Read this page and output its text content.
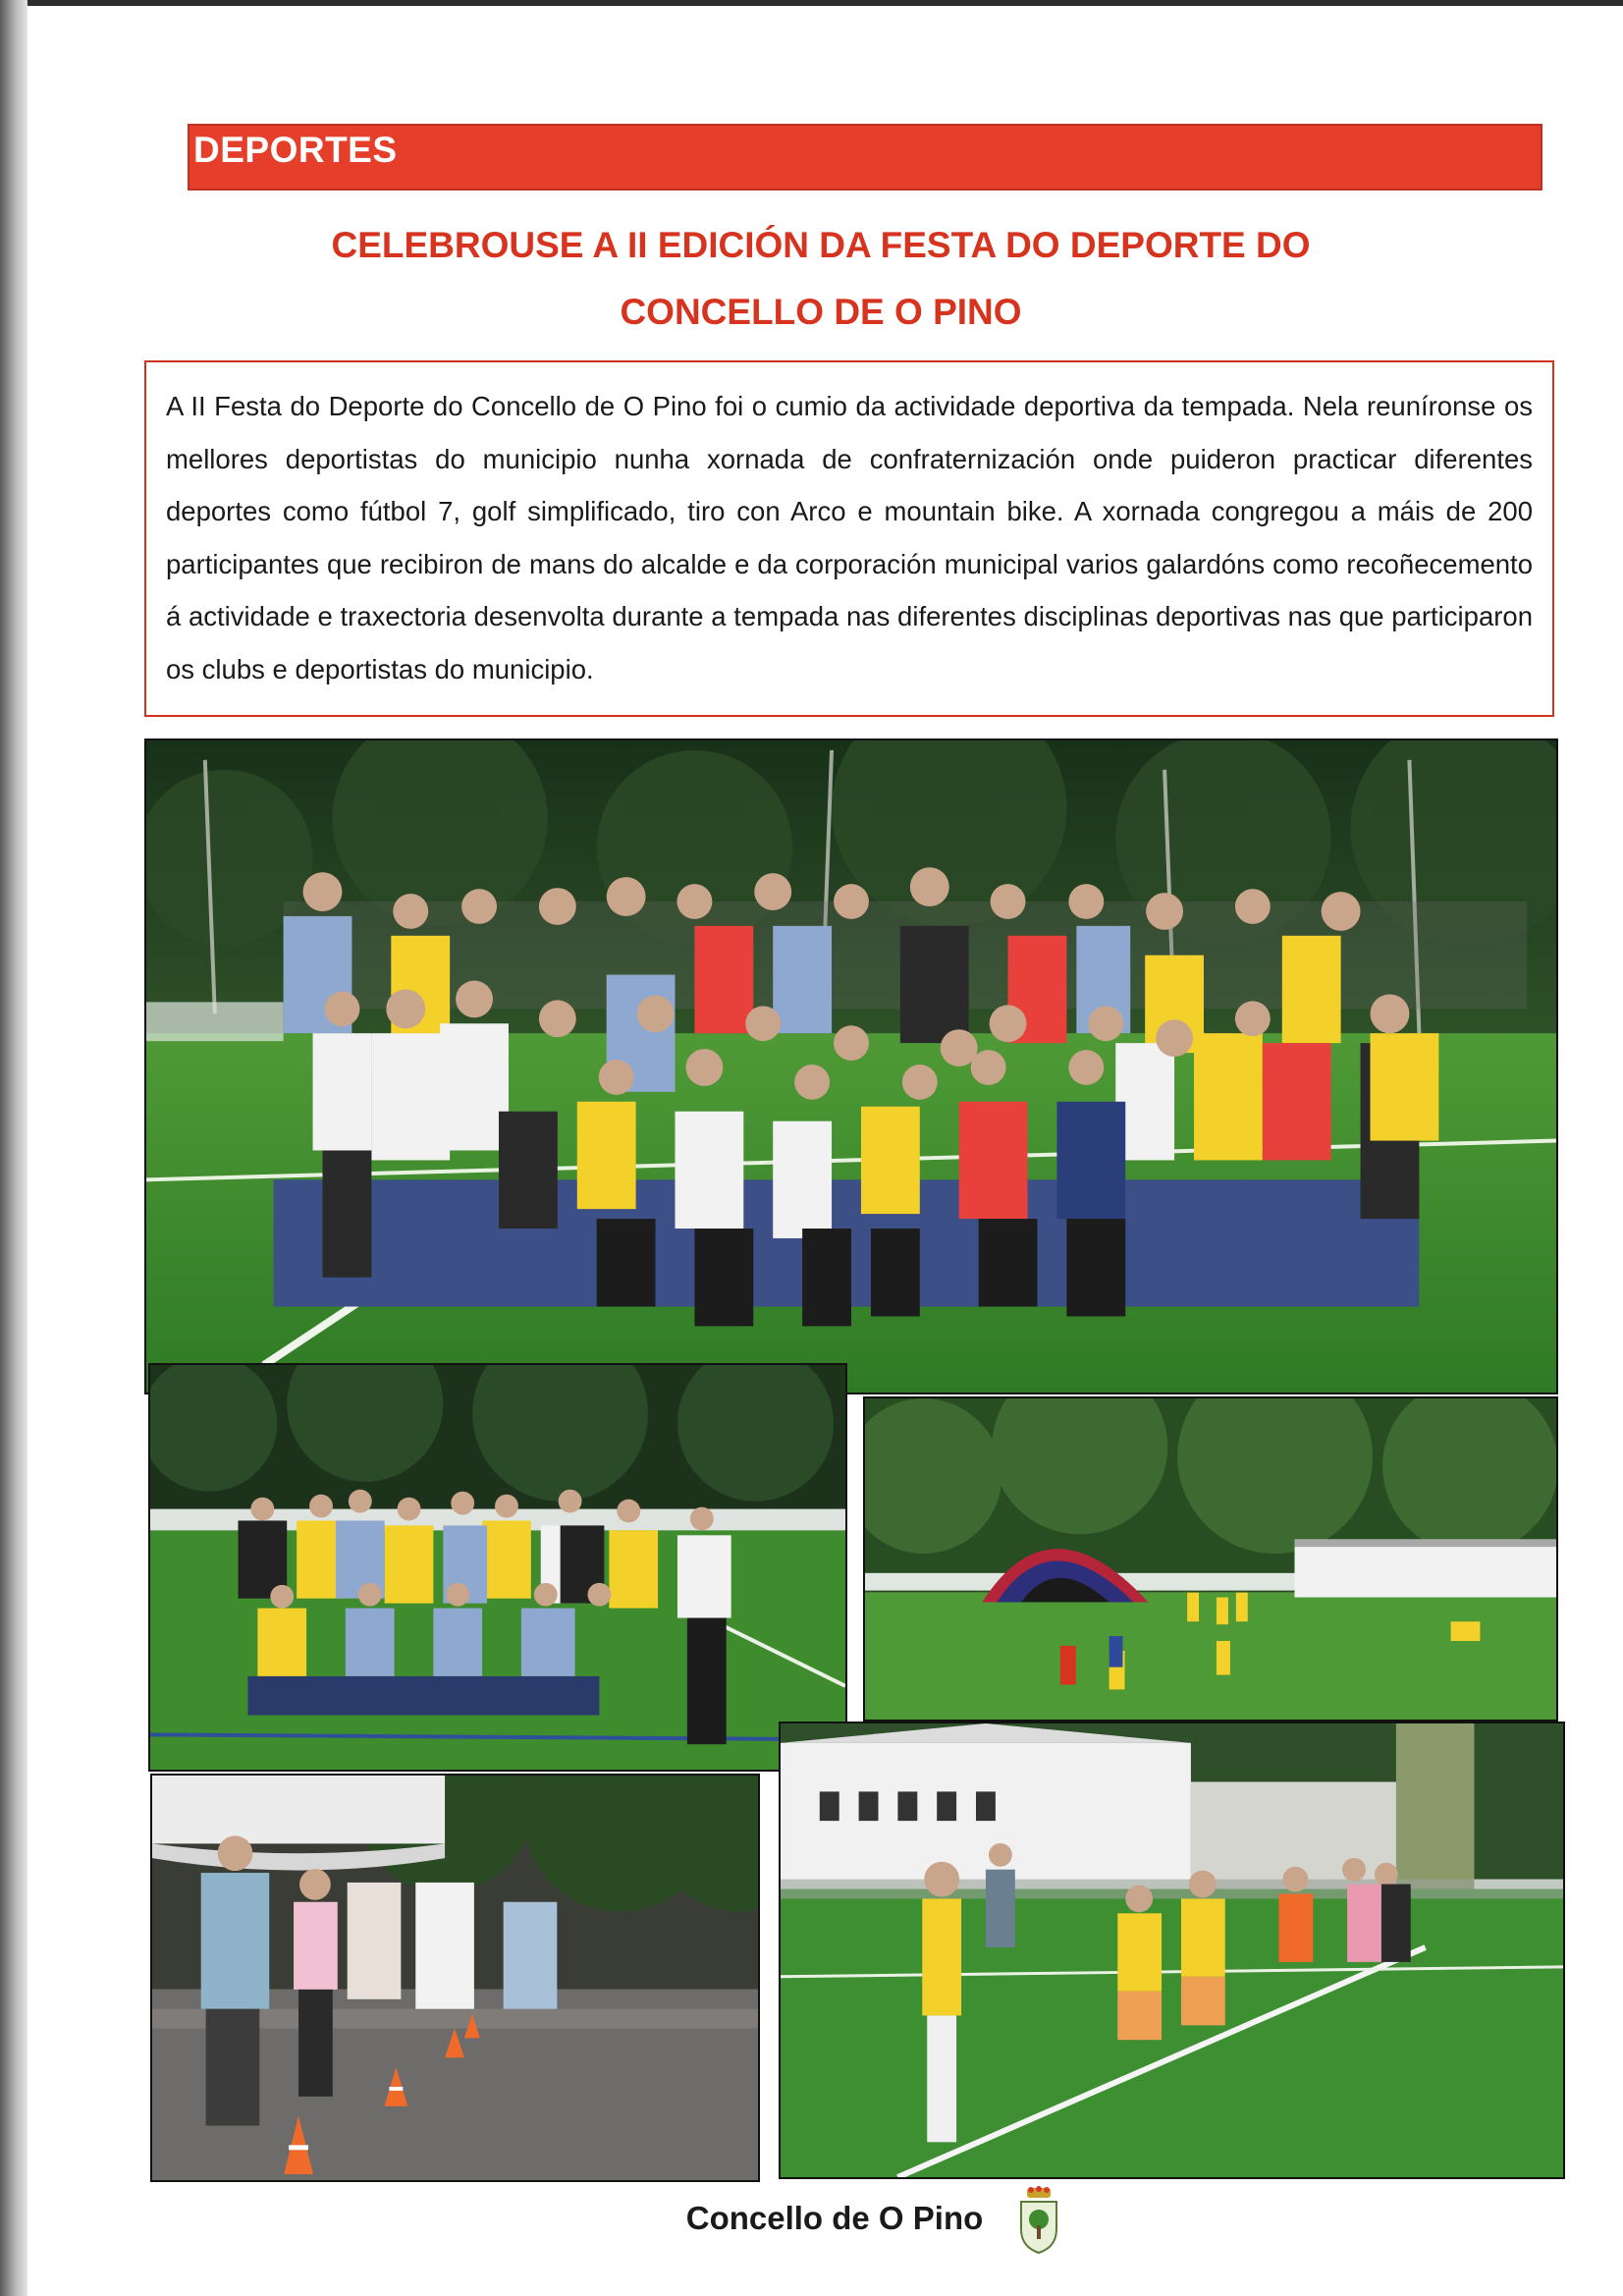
DEPORTES
CELEBROUSE A II EDICIÓN DA FESTA DO DEPORTE DO
CONCELLO DE O PINO

A II Festa do Deporte do Concello de O Pino foi o cumio da actividade deportiva da tempada. Nela reuníronse os mellores deportistas do municipio nunha xornada de confraternización onde puideron practicar diferentes deportes como fútbol 7, golf simplificado, tiro con Arco e mountain bike. A xornada congregou a máis de 200 participantes que recibiron de mans do alcalde e da corporación municipal varios galardóns como recoñecemento á actividade e traxectoria desenvolta durante a tempada nas diferentes disciplinas deportivas nas que participaron os clubs e deportistas do municipio.

Concello de O Pino
